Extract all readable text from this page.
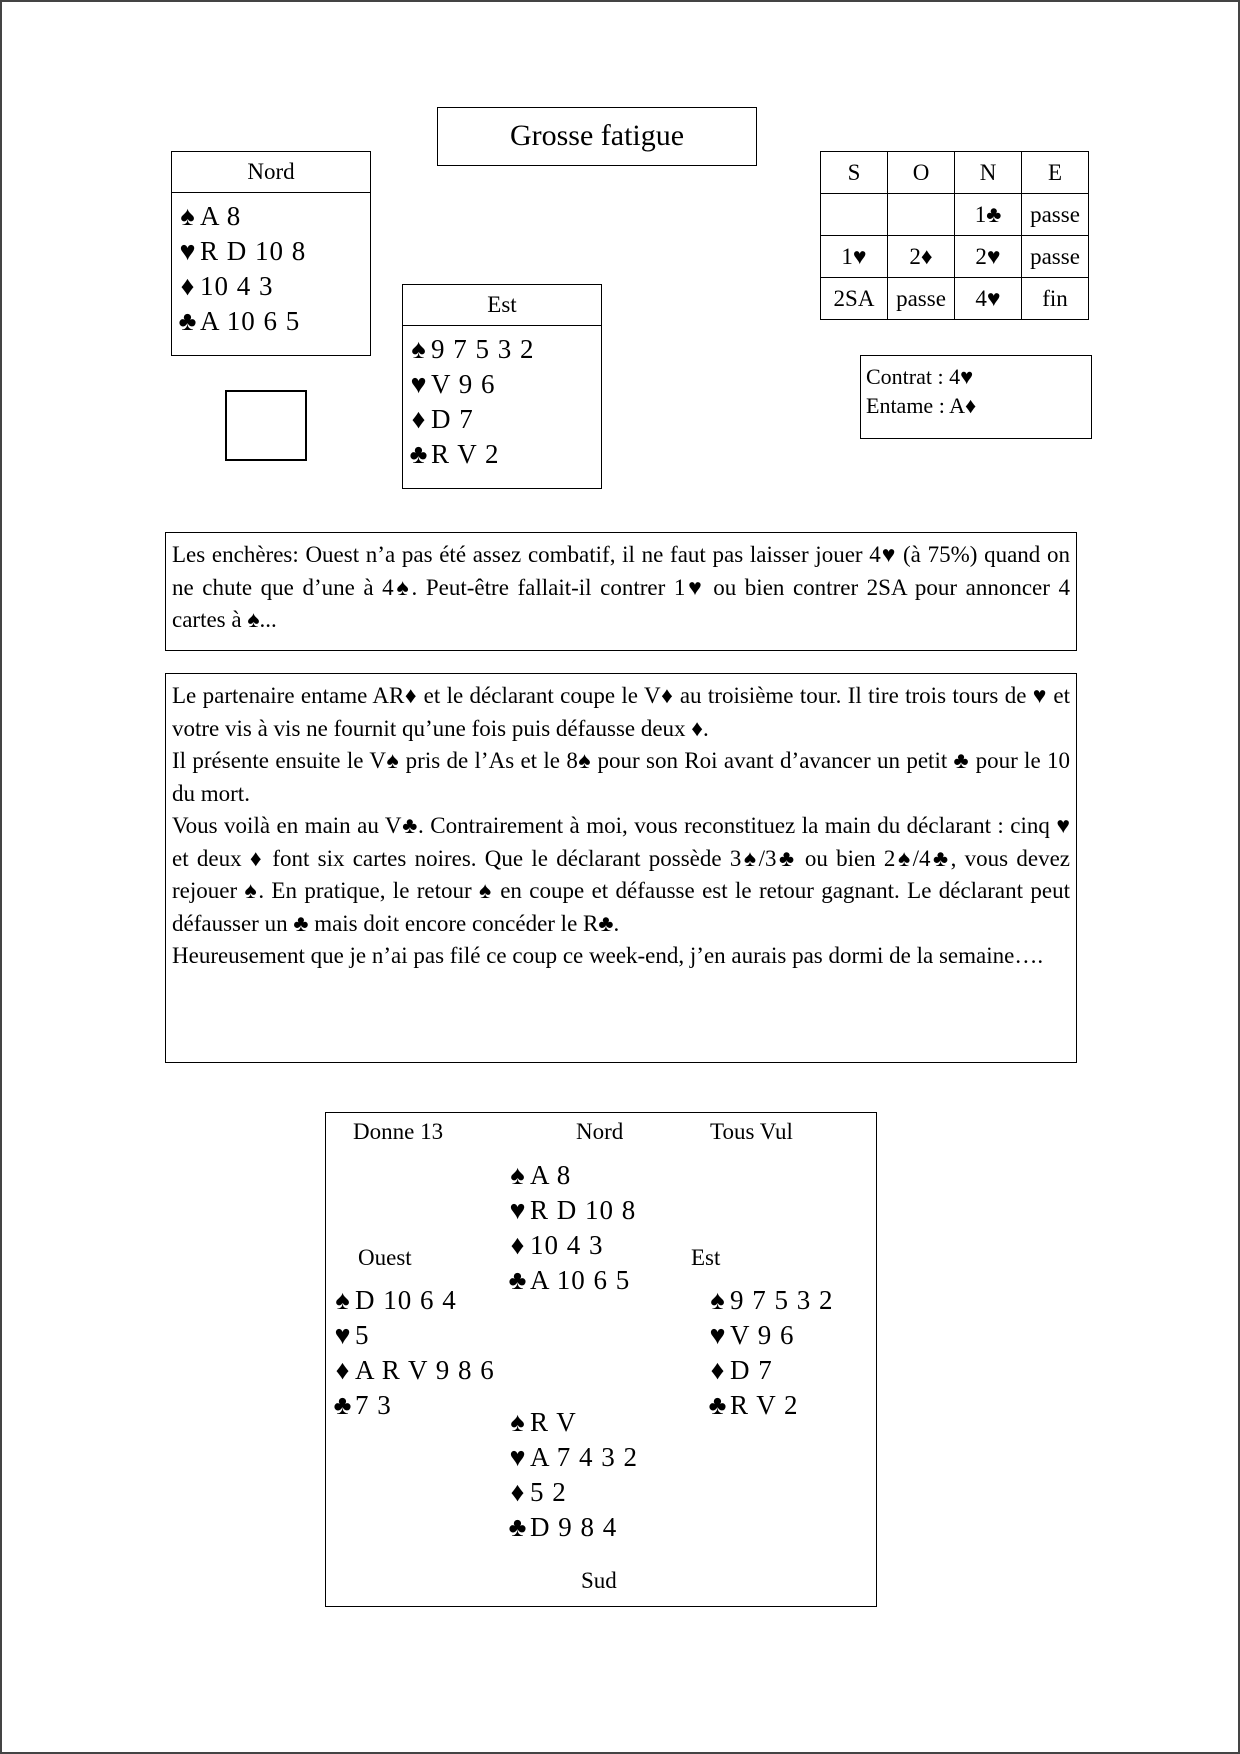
Grosse fatigue
Nord
♠ A 8
♥ R D 10 8
♦ 10 4 3
♣A 10 6 5
Est
♠ 9 7 5 3 2
♥ V 9 6
♦ D 7
♣R V 2
S	O	N	E
		1♣	passe
1♥	2♦	2♥	passe
2SA	passe	4♥	fin
Contrat : 4♥
Entame : A♦

Les enchères: Ouest n’a pas été assez combatif, il ne faut pas laisser jouer 4♥ (à 75%) quand on ne chute que d’une à 4♠. Peut-être fallait-il contrer 1♥ ou bien contrer 2SA pour annoncer 4 cartes à ♠...

Le partenaire entame AR♦ et le déclarant coupe le V♦ au troisième tour. Il tire trois tours de ♥ et votre vis à vis ne fournit qu’une fois puis défausse deux ♦.

Il présente ensuite le V♠ pris de l’As et le 8♠ pour son Roi avant d’avancer un petit ♣ pour le 10 du mort.

Vous voilà en main au V♣. Contrairement à moi, vous reconstituez la main du déclarant : cinq ♥ et deux ♦ font six cartes noires. Que le déclarant possède 3♠/3♣ ou bien 2♠/4♣, vous devez rejouer ♠. En pratique, le retour ♠ en coupe et défausse est le retour gagnant. Le déclarant peut défausser un ♣ mais doit encore concéder le R♣.

Heureusement que je n’ai pas filé ce coup ce week-end, j’en aurais pas dormi de la semaine….

Donne 13	Nord	Tous Vul
♠ A 8
♥ R D 10 8
♦ 10 4 3
♣A 10 6 5
Ouest	Est
♠ D 10 6 4
♥ 5
♦ A R V 9 8 6
♣7 3
♠ 9 7 5 3 2
♥ V 9 6
♦ D 7
♣R V 2
♠ R V
♥ A 7 4 3 2
♦ 5 2
♣D 9 8 4
Sud
